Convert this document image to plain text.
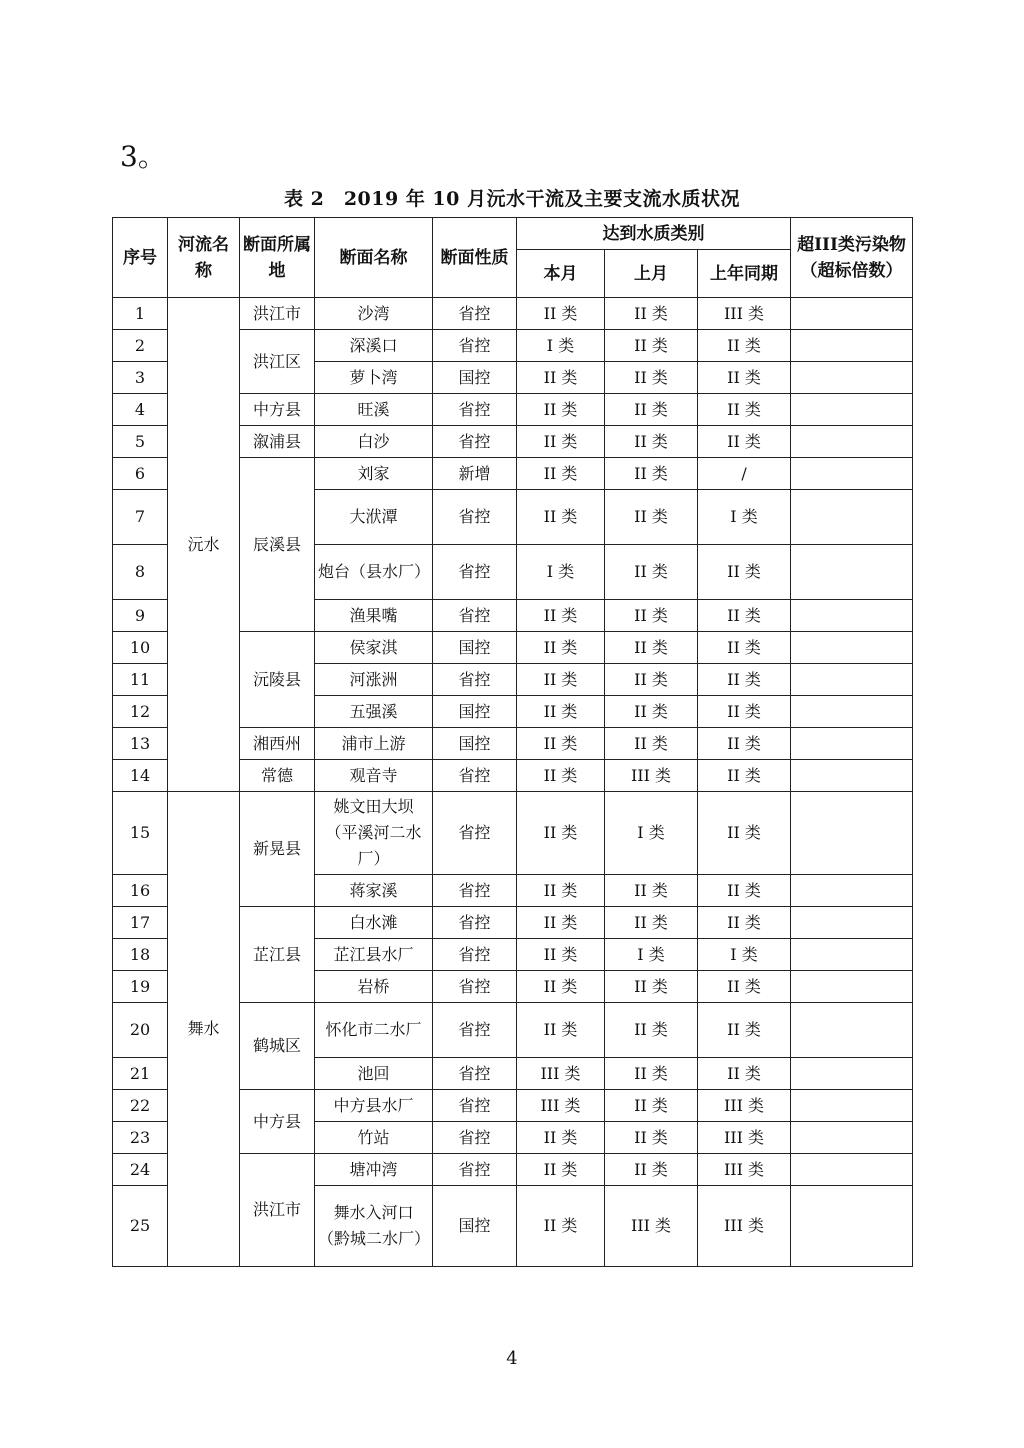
3。
表 2　2019 年 10 月沅水干流及主要支流水质状况
序号	河流名称	断面所属地	断面名称	断面性质	达到水质类别			超III类污染物（超标倍数）
					本月	上月	上年同期	
1	沅水	洪江市	沙湾	省控	II 类	II 类	III 类	
2		洪江区	深溪口	省控	I 类	II 类	II 类	
3			萝卜湾	国控	II 类	II 类	II 类	
4		中方县	旺溪	省控	II 类	II 类	II 类	
5		溆浦县	白沙	省控	II 类	II 类	II 类	
6		辰溪县	刘家	新增	II 类	II 类	/	
7			大洑潭	省控	II 类	II 类	I 类	
8			炮台（县水厂）	省控	I 类	II 类	II 类	
9			渔果嘴	省控	II 类	II 类	II 类	
10		沅陵县	侯家淇	国控	II 类	II 类	II 类	
11			河涨洲	省控	II 类	II 类	II 类	
12			五强溪	国控	II 类	II 类	II 类	
13		湘西州	浦市上游	国控	II 类	II 类	II 类	
14		常德	观音寺	省控	II 类	III 类	II 类	
15	舞水	新晃县	姚文田大坝（平溪河二水厂）	省控	II 类	I 类	II 类	
16			蒋家溪	省控	II 类	II 类	II 类	
17		芷江县	白水滩	省控	II 类	II 类	II 类	
18			芷江县水厂	省控	II 类	I 类	I 类	
19			岩桥	省控	II 类	II 类	II 类	
20		鹤城区	怀化市二水厂	省控	II 类	II 类	II 类	
21			池回	省控	III 类	II 类	II 类	
22		中方县	中方县水厂	省控	III 类	II 类	III 类	
23			竹站	省控	II 类	II 类	III 类	
24		洪江市	塘冲湾	省控	II 类	II 类	III 类	
25			舞水入河口（黔城二水厂）	国控	II 类	III 类	III 类	
4
